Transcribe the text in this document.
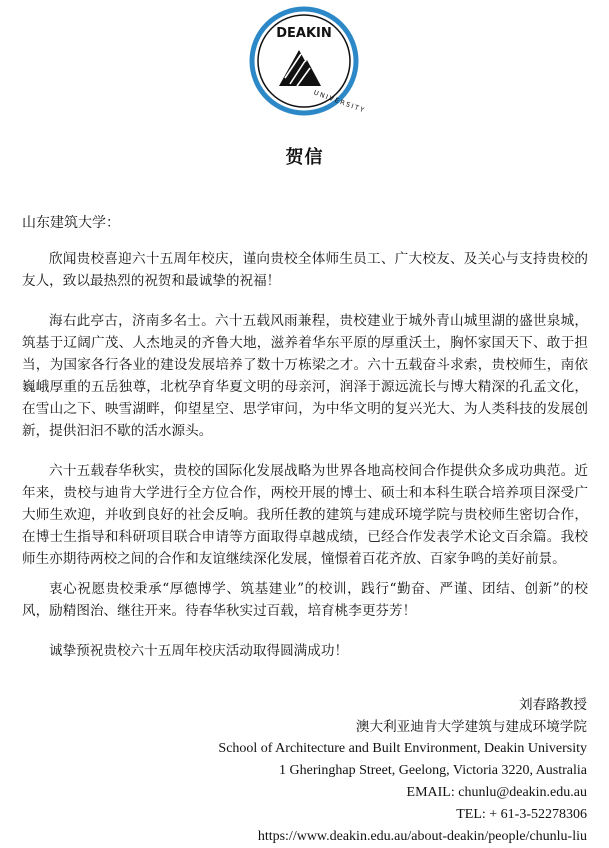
DEAKIN
UNIVERSITY
贺信
山东建筑大学：
欣闻贵校喜迎六十五周年校庆，谨向贵校全体师生员工、广大校友、及关心与支持贵校的友人，致以最热烈的祝贺和最诚挚的祝福！
海右此亭古，济南多名士。六十五载风雨兼程，贵校建业于城外青山城里湖的盛世泉城，筑基于辽阔广茂、人杰地灵的齐鲁大地，滋养着华东平原的厚重沃土，胸怀家国天下、敢于担当，为国家各行各业的建设发展培养了数十万栋梁之才。六十五载奋斗求索，贵校师生，南依巍峨厚重的五岳独尊，北枕孕育华夏文明的母亲河，润泽于源远流长与博大精深的孔孟文化，在雪山之下、映雪湖畔，仰望星空、思学审问，为中华文明的复兴光大、为人类科技的发展创新，提供汩汩不歇的活水源头。
六十五载春华秋实，贵校的国际化发展战略为世界各地高校间合作提供众多成功典范。近年来，贵校与迪肯大学进行全方位合作，两校开展的博士、硕士和本科生联合培养项目深受广大师生欢迎，并收到良好的社会反响。我所任教的建筑与建成环境学院与贵校师生密切合作，在博士生指导和科研项目联合申请等方面取得卓越成绩，已经合作发表学术论文百余篇。我校师生亦期待两校之间的合作和友谊继续深化发展，憧憬着百花齐放、百家争鸣的美好前景。
衷心祝愿贵校秉承“厚德博学、筑基建业”的校训，践行“勤奋、严谨、团结、创新”的校风，励精图治、继往开来。待春华秋实过百载，培育桃李更芬芳！
诚挚预祝贵校六十五周年校庆活动取得圆满成功！
刘春路教授
澳大利亚迪肯大学建筑与建成环境学院
School of Architecture and Built Environment, Deakin University
1 Gheringhap Street, Geelong, Victoria 3220, Australia
EMAIL: chunlu@deakin.edu.au
TEL: + 61-3-52278306
https://www.deakin.edu.au/about-deakin/people/chunlu-liu
